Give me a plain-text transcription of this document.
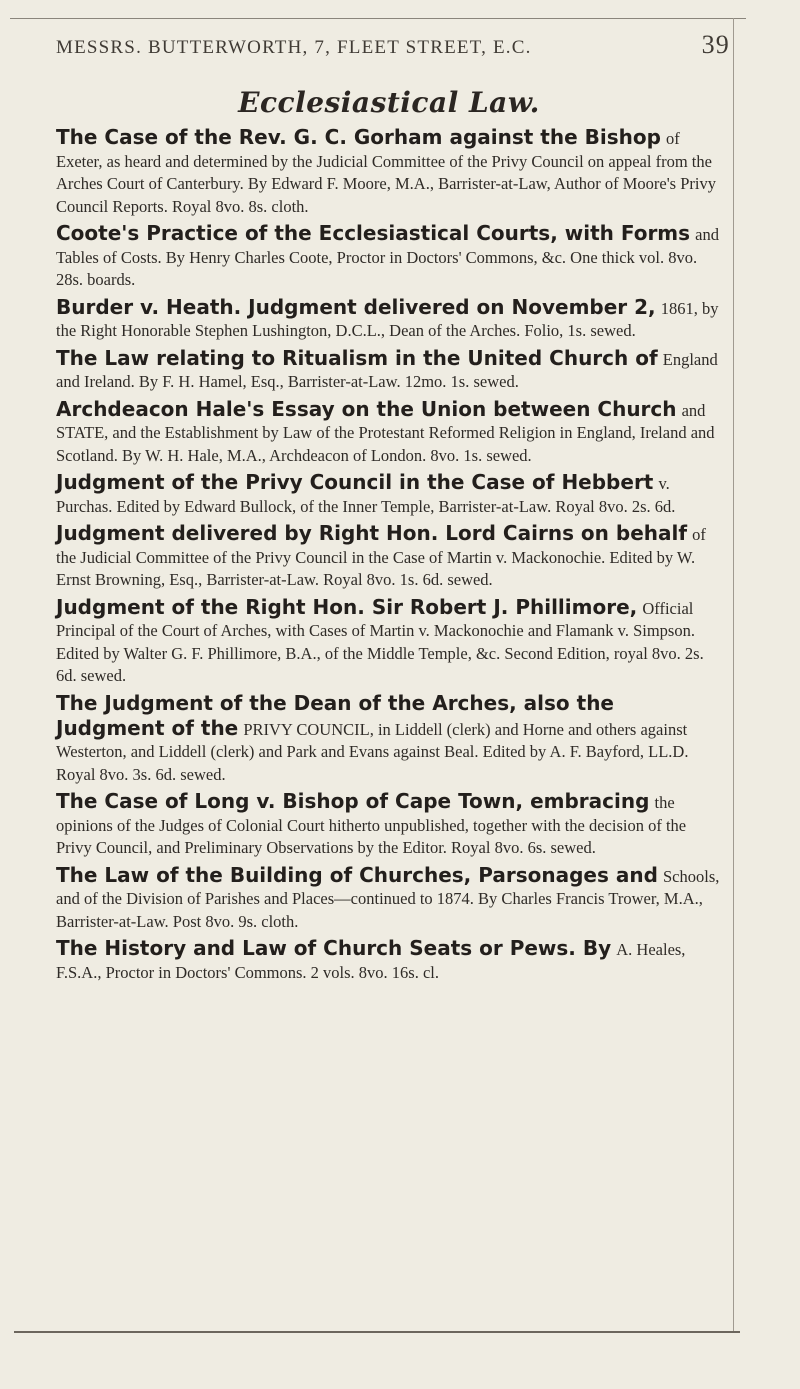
MESSRS. BUTTERWORTH, 7, FLEET STREET, E.C.	39
Ecclesiastical Law.

The Case of the Rev. G. C. Gorham against the Bishop of Exeter, as heard and determined by the Judicial Committee of the Privy Council on appeal from the Arches Court of Canterbury. By Edward F. Moore, M.A., Barrister-at-Law, Author of Moore's Privy Council Reports. Royal 8vo. 8s. cloth.

Coote's Practice of the Ecclesiastical Courts, with Forms and Tables of Costs. By Henry Charles Coote, Proctor in Doctors' Commons, &c. One thick vol. 8vo. 28s. boards.

Burder v. Heath. Judgment delivered on November 2, 1861, by the Right Honorable Stephen Lushington, D.C.L., Dean of the Arches. Folio, 1s. sewed.

The Law relating to Ritualism in the United Church of England and Ireland. By F. H. Hamel, Esq., Barrister-at-Law. 12mo. 1s. sewed.

Archdeacon Hale's Essay on the Union between Church and STATE, and the Establishment by Law of the Protestant Reformed Religion in England, Ireland and Scotland. By W. H. Hale, M.A., Archdeacon of London. 8vo. 1s. sewed.

Judgment of the Privy Council in the Case of Hebbert v. Purchas. Edited by Edward Bullock, of the Inner Temple, Barrister-at-Law. Royal 8vo. 2s. 6d.

Judgment delivered by Right Hon. Lord Cairns on behalf of the Judicial Committee of the Privy Council in the Case of Martin v. Mackonochie. Edited by W. Ernst Browning, Esq., Barrister-at-Law. Royal 8vo. 1s. 6d. sewed.

Judgment of the Right Hon. Sir Robert J. Phillimore, Official Principal of the Court of Arches, with Cases of Martin v. Mackonochie and Flamank v. Simpson. Edited by Walter G. F. Phillimore, B.A., of the Middle Temple, &c. Second Edition, royal 8vo. 2s. 6d. sewed.

The Judgment of the Dean of the Arches, also the Judgment of the PRIVY COUNCIL, in Liddell (clerk) and Horne and others against Westerton, and Liddell (clerk) and Park and Evans against Beal. Edited by A. F. Bayford, LL.D. Royal 8vo. 3s. 6d. sewed.

The Case of Long v. Bishop of Cape Town, embracing the opinions of the Judges of Colonial Court hitherto unpublished, together with the decision of the Privy Council, and Preliminary Observations by the Editor. Royal 8vo. 6s. sewed.

The Law of the Building of Churches, Parsonages and Schools, and of the Division of Parishes and Places—continued to 1874. By Charles Francis Trower, M.A., Barrister-at-Law. Post 8vo. 9s. cloth.

The History and Law of Church Seats or Pews. By A. Heales, F.S.A., Proctor in Doctors' Commons. 2 vols. 8vo. 16s. cl.
